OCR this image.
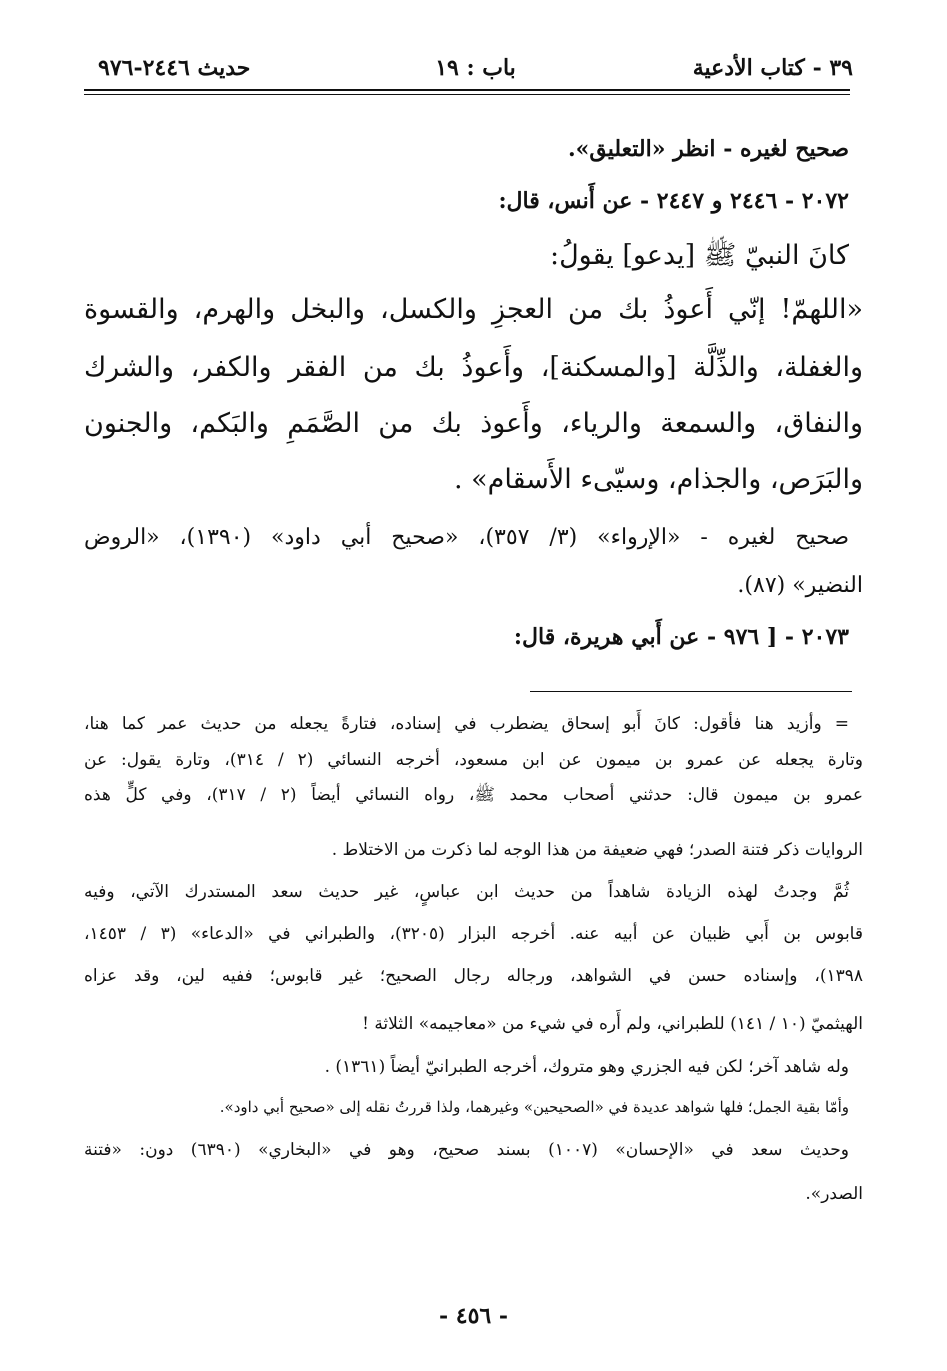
٣٩ - كتاب الأدعية
باب : ١٩
حديث ٢٤٤٦-٩٧٦
صحيح لغيره - انظر «التعليق».
٢٠٧٢ - ٢٤٤٦ و ٢٤٤٧ - عن أَنس، قال:
كانَ النبيّ ﷺ [يدعو] يقولُ:
«اللهمّ! إنّي أَعوذُ بك من العجزِ والكسل، والبخل والهرم، والقسوة
والغفلة، والذِّلَّة [والمسكنة]، وأَعوذُ بك من الفقر والكفر، والشرك
والنفاق، والسمعة والرياء، وأَعوذ بك من الصَّمَمِ والبَكم، والجنون
والبَرَص، والجذام، وسيّىء الأَسقام» .
صحيح لغيره - «الإرواء» (٣/ ٣٥٧)، «صحيح أبي داود» (١٣٩٠)، «الروض
النضير» (٨٧).
٢٠٧٣ - [ ٩٧٦ - عن أَبي هريرة، قال:
= وأزيد هنا فأقول: كانَ أَبو إسحاق يضطرب في إسناده، فتارةً يجعله من حديث عمر كما هنا،
وتارة يجعله عن عمرو بن ميمون عن ابن مسعود، أخرجه النسائي (٢ / ٣١٤)، وتارة يقول: عن
عمرو بن ميمون قال: حدثني أصحاب محمد ﷺ، رواه النسائي أيضاً (٢ / ٣١٧)، وفي كلٍّ هذه
الروايات ذكر فتنة الصدر؛ فهي ضعيفة من هذا الوجه لما ذكرت من الاختلاط .
ثُمَّ وجدتُ لهذه الزيادة شاهداً من حديث ابن عباسٍ، غير حديث سعد المستدرك الآتي، وفيه
قابوس بن أَبي ظبيان عن أبيه عنه. أخرجه البزار (٣٢٠٥)، والطبراني في «الدعاء» (٣ / ١٤٥٣،
١٣٩٨)، وإسناده حسن في الشواهد، ورجاله رجال الصحيح؛ غير قابوس؛ ففيه لين، وقد عزاه
الهيثميّ (١٠ / ١٤١) للطبراني، ولم أَره في شيء من «معاجيمه» الثلاثة !
وله شاهد آخر؛ لكن فيه الجزري وهو متروك، أخرجه الطبرانيّ أيضاً (١٣٦١) .
وأمّا بقية الجمل؛ فلها شواهد عديدة في «الصحيحين» وغيرهما، ولذا قررتُ نقله إلى «صحيح أبي داود».
وحديث سعد في «الإحسان» (١٠٠٧) بسند صحيح، وهو في «البخاري» (٦٣٩٠) دون: «فتنة
الصدر».
- ٤٥٦ -
